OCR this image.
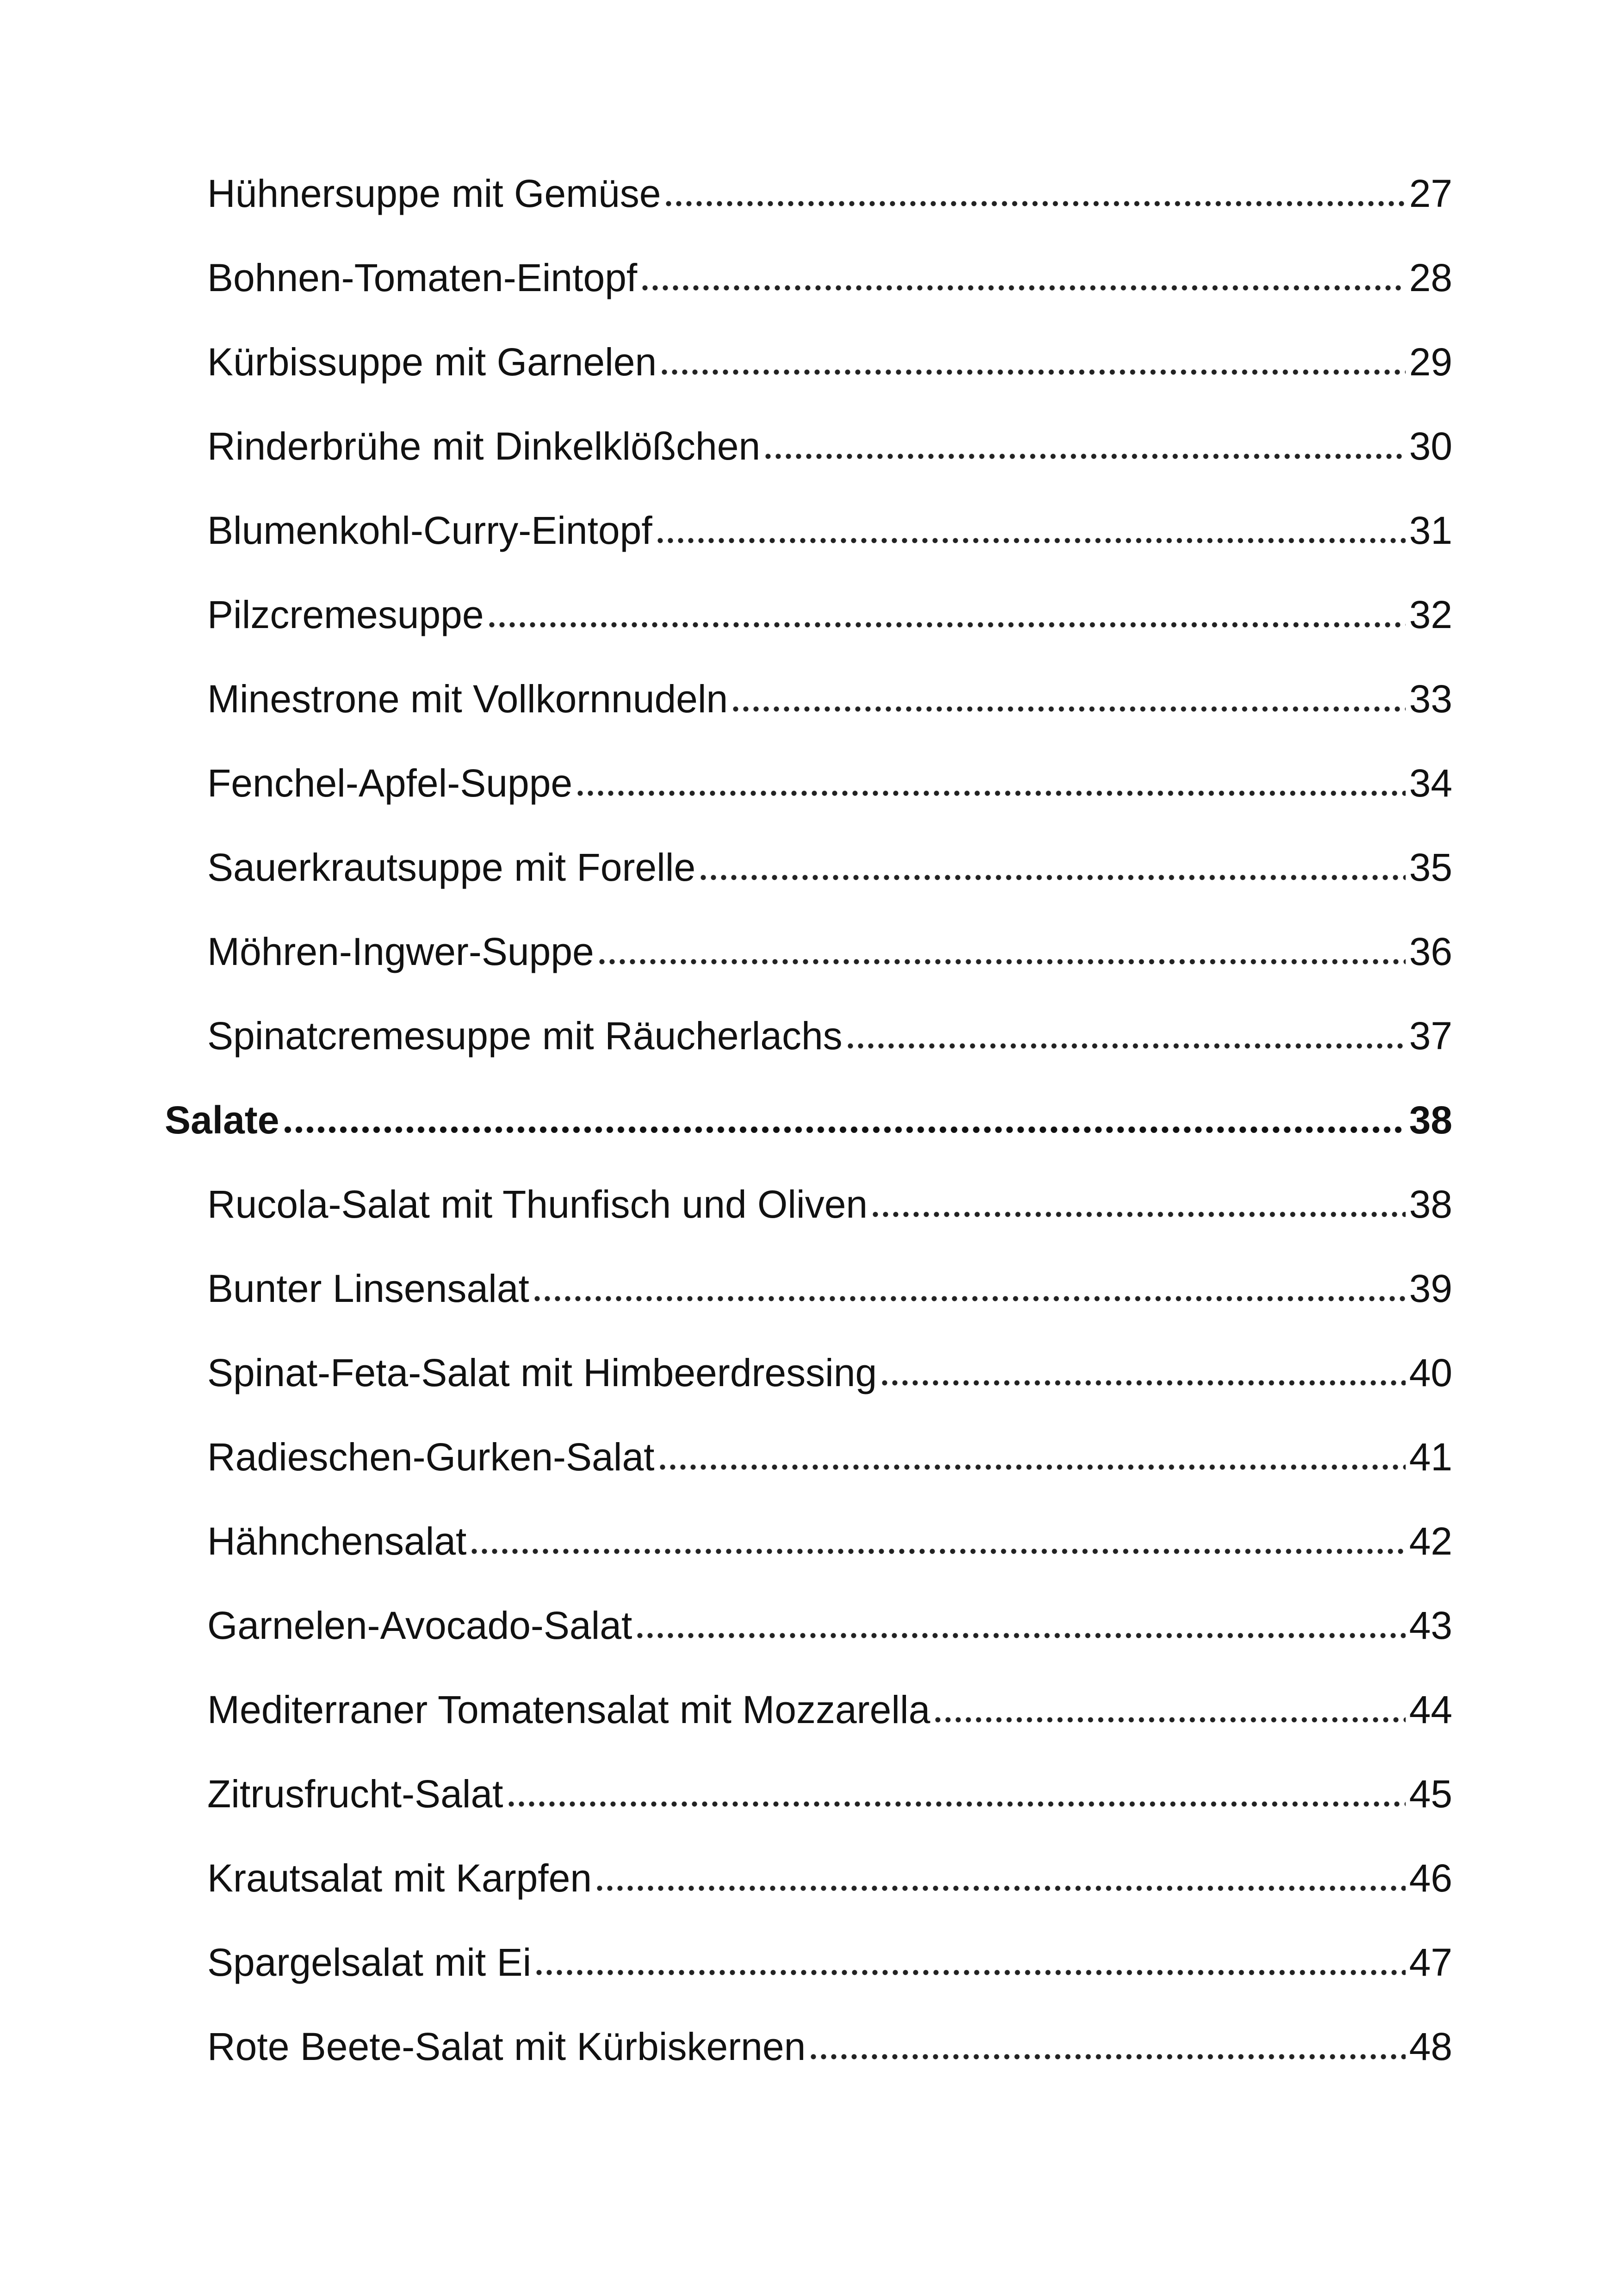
Hühnersuppe mit Gemüse	27
Bohnen-Tomaten-Eintopf	28
Kürbissuppe mit Garnelen	29
Rinderbrühe mit Dinkelklößchen	30
Blumenkohl-Curry-Eintopf	31
Pilzcremesuppe	32
Minestrone mit Vollkornnudeln	33
Fenchel-Apfel-Suppe	34
Sauerkrautsuppe mit Forelle	35
Möhren-Ingwer-Suppe	36
Spinatcremesuppe mit Räucherlachs	37
Salate	38
Rucola-Salat mit Thunfisch und Oliven	38
Bunter Linsensalat	39
Spinat-Feta-Salat mit Himbeerdressing	40
Radieschen-Gurken-Salat	41
Hähnchensalat	42
Garnelen-Avocado-Salat	43
Mediterraner Tomatensalat mit Mozzarella	44
Zitrusfrucht-Salat	45
Krautsalat mit Karpfen	46
Spargelsalat mit Ei	47
Rote Beete-Salat mit Kürbiskernen	48
